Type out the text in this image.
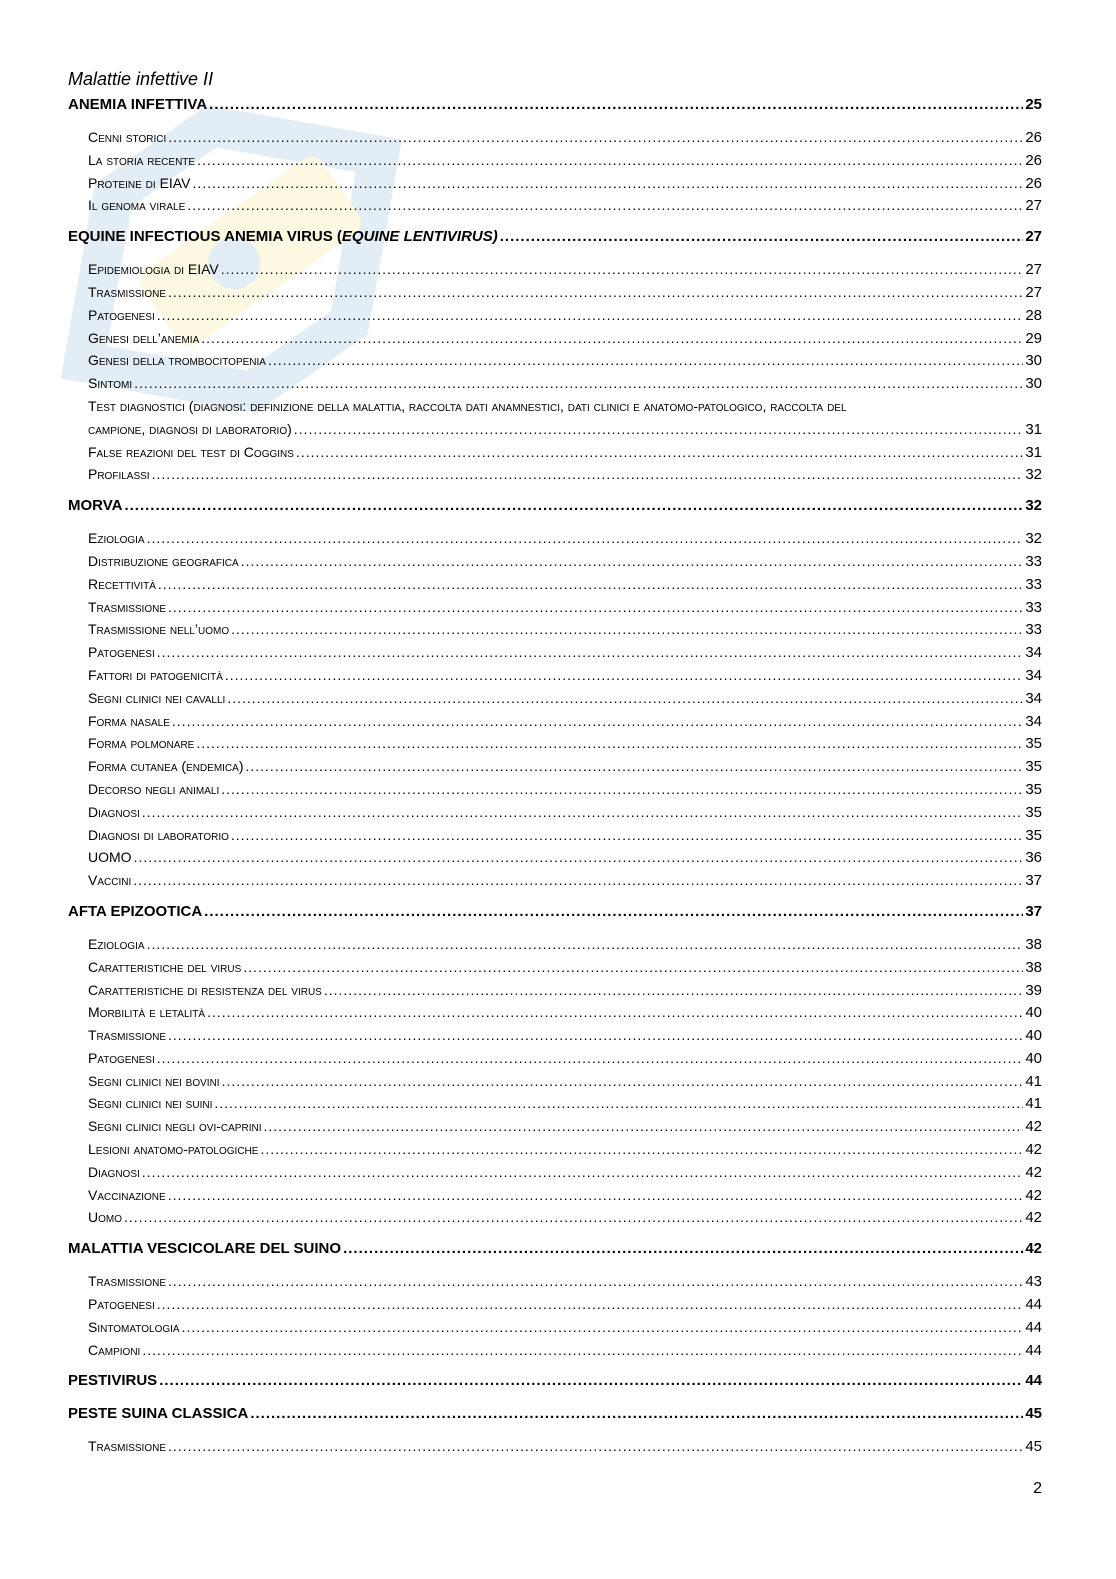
Malattie infettive II
ANEMIA INFETTIVA .....	25
Cenni storici .....	26
La storia recente .....	26
Proteine di EIAV .....	26
Il genoma virale .....	27
EQUINE INFECTIOUS ANEMIA VIRUS (EQUINE LENTIVIRUS) .....	27
Epidemiologia di EIAV .....	27
Trasmissione .....	27
Patogenesi .....	28
Genesi dell’anemia .....	29
Genesi della trombocitopenia .....	30
Sintomi .....	30
Test diagnostici (diagnosi: definizione della malattia, raccolta dati anamnestici, dati clinici e anatomo-patologico, raccolta del
campione, diagnosi di laboratorio) .....	31
False reazioni del test di Coggins .....	31
Profilassi .....	32
MORVA .....	32
Eziologia .....	32
Distribuzione geografica .....	33
Recettività .....	33
Trasmissione .....	33
Trasmissione nell’uomo .....	33
Patogenesi .....	34
Fattori di patogenicità .....	34
Segni clinici nei cavalli .....	34
Forma nasale .....	34
Forma polmonare .....	35
Forma cutanea (endemica) .....	35
Decorso negli animali .....	35
Diagnosi .....	35
Diagnosi di laboratorio .....	35
UOMO .....	36
Vaccini .....	37
AFTA EPIZOOTICA .....	37
Eziologia .....	38
Caratteristiche del virus .....	38
Caratteristiche di resistenza del virus .....	39
Morbilità e letalità .....	40
Trasmissione .....	40
Patogenesi .....	40
Segni clinici nei bovini .....	41
Segni clinici nei suini .....	41
Segni clinici negli ovi-caprini .....	42
Lesioni anatomo-patologiche .....	42
Diagnosi .....	42
Vaccinazione .....	42
Uomo .....	42
MALATTIA VESCICOLARE DEL SUINO .....	42
Trasmissione .....	43
Patogenesi .....	44
Sintomatologia .....	44
Campioni .....	44
PESTIVIRUS .....	44
PESTE SUINA CLASSICA .....	45
Trasmissione .....	45
2
